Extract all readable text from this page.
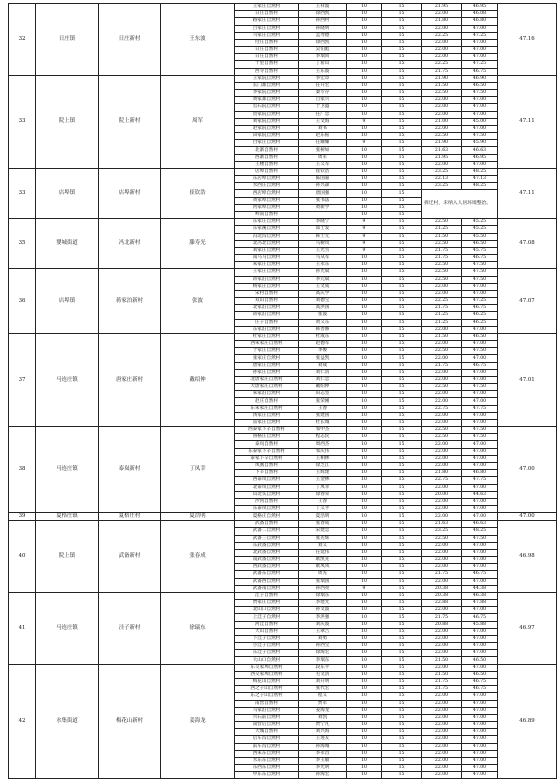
32	日庄镇	日庄新村	王东波	王家庄自然村	王祥波	10	15	21.95	46.95	47.16
				日庄自然村	徐西凯	10	15	22.00	46.08	
				路家庄自然村	孙西村	10	15	21.80	46.80	
				吕家庄自然村	孙晓明	10	15	22.00	47.00	
				马家庄自然村	孟寿德	10	15	22.25	47.25	
				付庄自然村	徐西凯	10	15	22.00	47.00	
				日庄自然村	吴伯彪	10	15	22.00	47.00	
				日庄自然村	李瑞同	10	15	22.00	47.00	
				十里自然村	丁希山	10	15	22.25	47.25	
				西寺自然村	王东波	10	15	21.75	46.75	
33	院上镇	院上新村	周军	王家院自然村	李宏章	10	15	21.90	46.90	47.11
				长门寨自然村	任开宏	10	15	21.50	46.50	
				李家院自然村	秦专存	10	15	22.50	47.50	
				黄家寨自然村	吕家兴	10	15	22.00	47.00	
				官石院自然村	于卫盛	10	15	22.00	47.00	
				贺家院自然村	任广忠	10	15	22.00	47.00	
				刘家院自然村	王文海	9	15	21.00	45.00	
				赵家院自然村	刘书	10	15	22.00	47.00	
				田家院自然村	赵东振	10	15	22.50	47.50	
				白家庄自然村	任耀耀	9	15	21.90	45.90	
				北寨自然村	张树如	10	15	21.63	46.63	
				西寨自然村	周军	10	15	21.95	46.95	
				王楼自然村	王义军	10	15	22.00	47.00	
33	店埠镇	店埠新村	崔钦浩	店埠自然村	崔钦浩	10	15	23.25	48.25	47.11
				东店埠自然村	陈国嘉	10	15	22.13	47.13	
				水西庄自然村	孙兴森	10	15	23.25	48.25	
				西店埠自然村	唐国强	10	15	拆迁村，未纳入人居环境整治。		
				黄家埠自然村	张书法	10	15			
				河家埠自然村	黄新学	10	15			
				岭南自然村		10	15			
35	婴城街道	冯北新村	滕寿光	东家庄自然村	李晓宁	9	15	22.50	45.25	47.08
				东家溪自然村	郑士发	9	15	21.25	45.25	
				冯北沟自然村	韩士元	9	15	21.50	45.50	
				北冯北自然村	马树岚	9	15	22.50	46.50	
				刘家庄自然村	王光雪	9	15	21.75	45.75	
				南马马自然村	马从军	10	15	21.75	46.75	
				朱家庄自然村	王永东	10	15	22.50	47.50	
36	店埠镇	蒋家泊新村	张波	王家庄自然村	孙光斌	10	15	22.50	47.50	47.07
				蒋家泊自然村	李元斌	10	15	22.50	47.50	
				杨家庄自然村	王文成	10	15	22.00	47.00	
				宋村自然村	高庆学	10	15	22.00	47.00	
				双山自然村	刘德宝	10	15	22.25	47.25	
				北家泊自然村	高洪国	10	15	21.75	46.75	
				蒋家泊自然村	张波	10	15	21.25	46.25	
				庄子自然村	黄义东	10	15	21.25	46.25	
				东家泊自然村	韩善修	10	15	22.00	47.00	
37	马连庄镇	唐家庄新村	戴绍伸	杜家庄自然村	杜成东	10	15	21.50	46.50	47.01
				西朱家庄自然村	赵德军	10	15	22.00	47.00	
				于家庄自然村	李俊	10	15	22.50	47.50	
				张家庄自然村	张益凯	10	15	22.00	47.00	
				唐家庄自然村	刘成	10	15	21.75	46.75	
				孙家庄自然村	刘仁清	10	15	22.00	47.00	
				北唐家庄自然村	刘仁忠	10	15	22.00	47.00	
				大唐家庄自然村	戴绍伸	10	15	22.50	47.50	
				朱家泊自然村	田志坚	10	15	22.00	47.00	
				赵庄自然村	张荣刚	10	15	22.00	47.00	
				东朱家庄自然村	王春	10	15	22.75	47.75	
				汤家庄自然村	张建国	10	15	22.00	47.00	
				雷家庄自然村	杜长城	10	15	22.00	47.00	
38	马连庄镇	泰岚新村	丁凤幸	西泰家下辛自然村	邹中杰	10	15	22.50	47.50	47.00
				鲁格庄自然村	程志民	10	15	22.50	47.50	
				泰岚自然村	周西杰	10	15	22.00	47.00	
				东泰家下辛自然村	邹庆伟	10	15	22.00	47.00	
				泰家下辛自然村	王相林	10	15	22.00	47.00	
				凤凰自然村	徐芝江	10	15	22.00	47.00	
				下辛自然村	王辉建	10	15	21.80	46.80	
				西泰岚自然村	王金林	10	15	22.75	47.75	
				北泰岚自然村	丁凤幸	10	15	22.00	47.00	
				山北头自然村	徐春荣	10	15	20.00	44.63	
				沙河自然村	王春	10	15	22.00	47.00	
				东泰岚自然村	丁义平	10	15	22.00	47.00	
39	夏格庄镇	夏格庄村	夏浩明	夏格庄自然村	夏浩明	10	15	22.00	47.00	47.00
40	院上镇	武备新村	张春成	武备自然村	张春成	10	15	21.63	46.63	46.98
				武备二自然村	宋建忠	10	15	23.25	48.25	
				武备三自然村	张先辉	10	15	22.50	47.50	
				东武备自然村	刘义	10	15	22.00	47.00	
				北武备自然村	任延伟	10	15	22.00	47.00	
				南武备自然村	耿凯先	10	15	22.00	47.00	
				西武备自然村	耿凤凤	10	15	22.00	47.00	
				武备东自然村	周先	10	15	21.75	46.75	
				武备西自然村	张瑞国	10	15	22.00	47.00	
				武备南自然村	孙西亮	9	15	20.38	44.38	
41	马连庄镇	洼子新村	徐瑞东	洼子自然村	徐瑞东	10	15	20.38	46.38	46.97
				贾家庄自然村	李建光	10	15	22.88	47.88	
				北山口自然村	孙文波	10	15	22.00	47.00	
				上洼子自然村	李洪强	10	15	21.75	46.75	
				河洼自然村	刘庆波	10	15	20.88	45.88	
				大山自然村	王翠吉	10	15	22.00	47.00	
				下洼子自然村	刘勇	10	15	22.00	47.00	
				小洼子自然村	孙西宝	10	15	22.00	47.00	
				东洼子自然村	徐海宏	10	15	22.00	47.00	
				大山口自然村	李瑞东	10	15	21.50	46.50	
42	水集街道	梅花山新村	姜海龙	东交家埠自然村	段东平	10	15	22.00	47.00	46.89
				西交家埠自然村	毛文清	10	15	21.50	46.50	
				梅花山自然村	刘开明	10	15	21.75	46.75	
				西之子山自然村	张代宏	10	15	21.75	46.75	
				东之子山自然村	程义	10	15	22.00	47.00	
				南营自然村	贾军	10	15	22.00	47.00	
				马家泊自然村	姜海龙	10	15	22.00	47.00	
				兴石前自然村	刘凯	10	15	22.00	47.00	
				南营后自然村	贾宁凡	10	15	22.00	47.00	
				大城自然村	刘兴海	10	15	22.00	47.00	
				后车沟自然村	王进友	10	15	22.00	47.00	
				前车沟自然村	孙海城	10	15	22.00	47.00	
				西朱东自然村	李永昌	10	15	22.00	47.00	
				水东东自然村	李玉敏	10	15	22.00	47.00	
				东西东自然村	李光明	10	15	22.00	47.00	
				中东东自然村	孙海宏	10	15	22.00	47.00	
